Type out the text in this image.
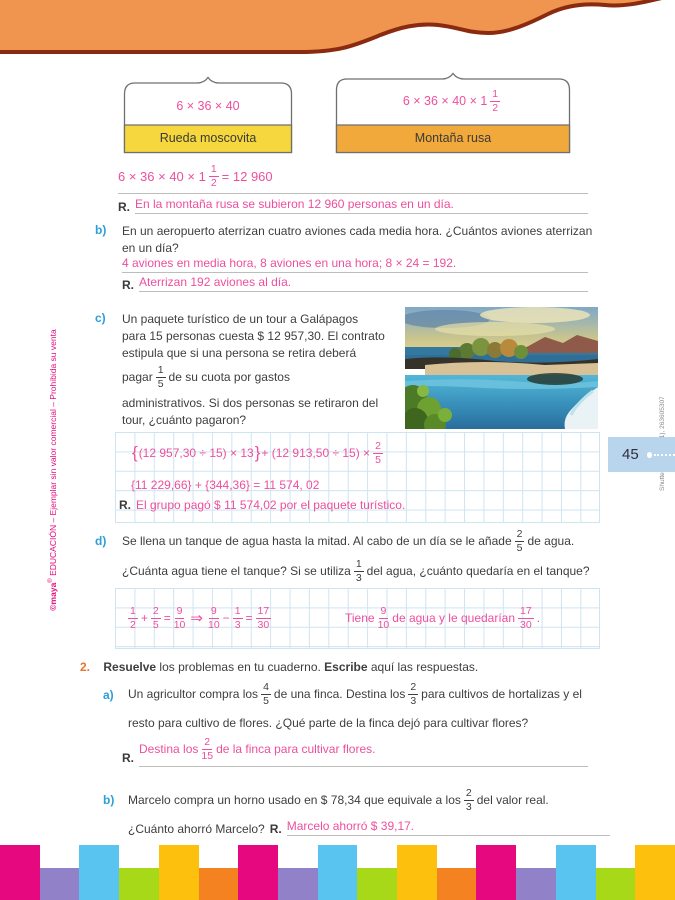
6 × 36 × 40
Rueda moscovita
$6 \times 36 \times 40 \times 1 \frac{1}{2}$
Montaña rusa
$6 \times 36 \times 40 \times 1 \frac{1}{2} = 12$ 960
R. En la montaña rusa se subieron 12 960 personas en un día.
b) En un aeropuerto aterrizan cuatro aviones cada media hora. ¿Cuántos aviones aterrizan
en un día?
4 aviones en media hora, 8 aviones en una hora; 8 × 24 = 192.
R. Aterrizan 192 aviones al día.
c) Un paquete turístico de un tour a Galápagos
para 15 personas cuesta $ 12 957,30. El contrato
estipula que si una persona se retira deberá
pagar $\frac{1}{5}$ de su cuota por gastos
administrativos. Si dos personas se retiraron del
tour, ¿cuánto pagaron?
{ (12 957,30 ÷ 15) × 13 } + (12 $913,50 \div 15) \times \frac{2}{5}$
{11 229,66} + {344,36} = 11 574, 02
R. El grupo pagó $ 11 574,02 por el paquete turístico.
45
d) Se llena un tanque de agua hasta la mitad. Al cabo de un día se le añade $\frac{2}{5}$ de agua.
¿Cuánta agua tiene el tanque? Si se utiliza $\frac{1}{3}$ del agua, ¿cuánto quedaría en el tanque?
$\frac{1}{2} + \frac{2}{5} = \frac{9}{10}$ ⇒ $\frac{9}{10} - \frac{1}{3} = \frac{17}{30}$	Tiene $\frac{9}{10}$ de agua y le quedarían $\frac{17}{30}$ .
2. Resuelve los problemas en tu cuaderno. Escribe aquí las respuestas.
a) Un agricultor compra los $\frac{4}{5}$ de una finca. Destina los $\frac{2}{3}$ para cultivos de hortalizas y el
resto para cultivo de flores. ¿Qué parte de la finca dejó para cultivar flores?
R.
Destina los $\frac{2}{15}$ de la finca para cultivar flores.
b) Marcelo compra un horno usado en $ 78,34 que equivale a los $\frac{2}{3}$ del valor real.
¿Cuánto ahorró Marcelo? R. Marcelo ahorró $ 39,17.
©maya® EDUCACIÓN – Ejemplar sin valor comercial – Prohibida su venta
